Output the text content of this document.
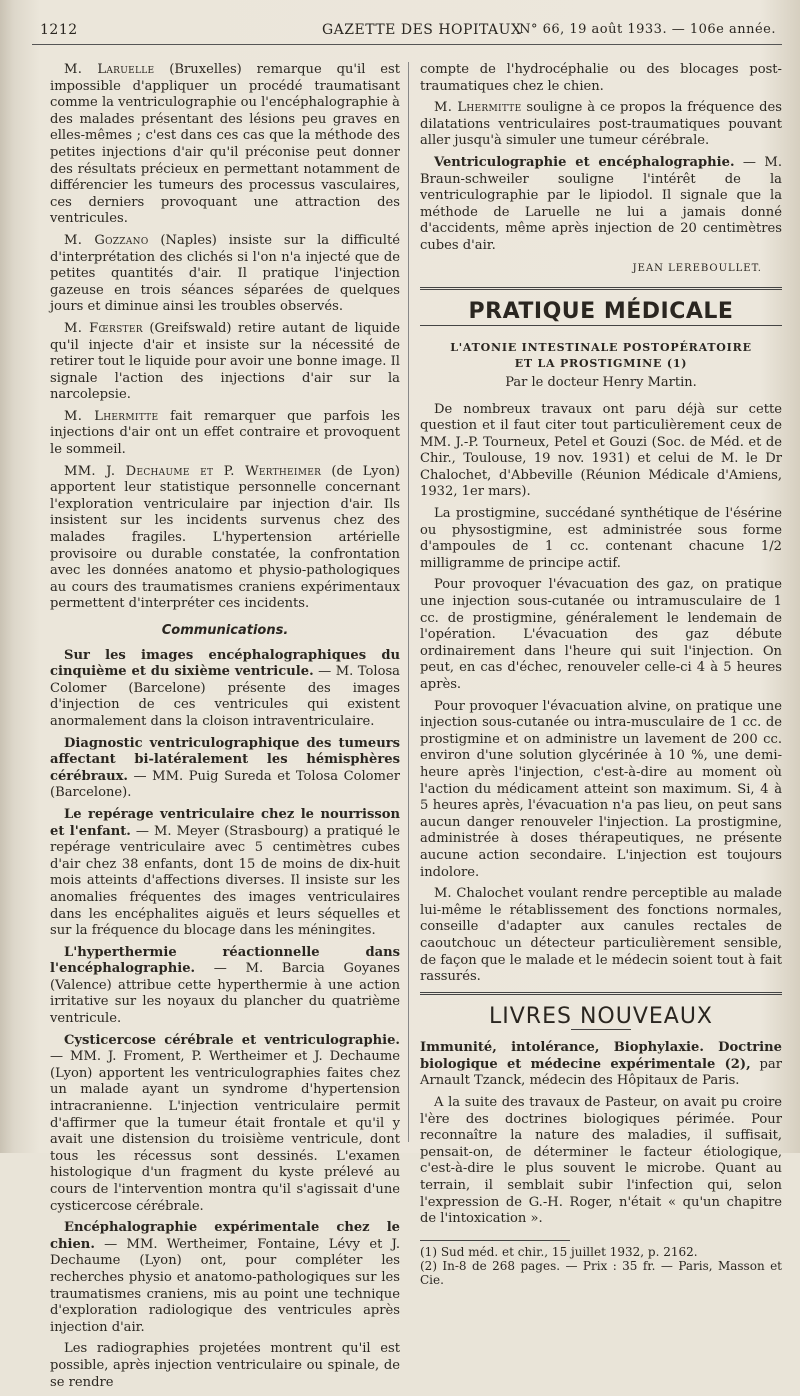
1212	GAZETTE DES HOPITAUX
N° 66, 19 août 1933. — 106e année.

M. Laruelle (Bruxelles) remarque qu'il est impossible d'appliquer un procédé traumatisant comme la ventriculographie ou l'encéphalographie à des malades présentant des lésions peu graves en elles-mêmes ; c'est dans ces cas que la méthode des petites injections d'air qu'il préconise peut donner des résultats précieux en permettant notamment de différencier les tumeurs des processus vasculaires, ces derniers provoquant une attraction des ventricules.

M. Gozzano (Naples) insiste sur la difficulté d'interprétation des clichés si l'on n'a injecté que de petites quantités d'air. Il pratique l'injection gazeuse en trois séances séparées de quelques jours et diminue ainsi les troubles observés.

M. Fœrster (Greifswald) retire autant de liquide qu'il injecte d'air et insiste sur la nécessité de retirer tout le liquide pour avoir une bonne image. Il signale l'action des injections d'air sur la narcolepsie.

M. Lhermitte fait remarquer que parfois les injections d'air ont un effet contraire et provoquent le sommeil.

MM. J. Dechaume et P. Wertheimer (de Lyon) apportent leur statistique personnelle concernant l'exploration ventriculaire par injection d'air. Ils insistent sur les incidents survenus chez des malades fragiles. L'hypertension artérielle provisoire ou durable constatée, la confrontation avec les données anatomo et physio-pathologiques au cours des traumatismes craniens expérimentaux permettent d'interpréter ces incidents.

Communications.

Sur les images encéphalographiques du cinquième et du sixième ventricule. — M. Tolosa Colomer (Barcelone) présente des images d'injection de ces ventricules qui existent anormalement dans la cloison intraventriculaire.

Diagnostic ventriculographique des tumeurs affectant bi-latéralement les hémisphères cérébraux. — MM. Puig Sureda et Tolosa Colomer (Barcelone).

Le repérage ventriculaire chez le nourrisson et l'enfant. — M. Meyer (Strasbourg) a pratiqué le repérage ventriculaire avec 5 centimètres cubes d'air chez 38 enfants, dont 15 de moins de dix-huit mois atteints d'affections diverses. Il insiste sur les anomalies fréquentes des images ventriculaires dans les encéphalites aiguës et leurs séquelles et sur la fréquence du blocage dans les méningites.

L'hyperthermie réactionnelle dans l'encéphalographie. — M. Barcia Goyanes (Valence) attribue cette hyperthermie à une action irritative sur les noyaux du plancher du quatrième ventricule.

Cysticercose cérébrale et ventriculographie. — MM. J. Froment, P. Wertheimer et J. Dechaume (Lyon) apportent les ventriculographies faites chez un malade ayant un syndrome d'hypertension intracranienne. L'injection ventriculaire permit d'affirmer que la tumeur était frontale et qu'il y avait une distension du troisième ventricule, dont tous les récessus sont dessinés. L'examen histologique d'un fragment du kyste prélevé au cours de l'intervention montra qu'il s'agissait d'une cysticercose cérébrale.

Encéphalographie expérimentale chez le chien. — MM. Wertheimer, Fontaine, Lévy et J. Dechaume (Lyon) ont, pour compléter les recherches physio et anatomo-pathologiques sur les traumatismes craniens, mis au point une technique d'exploration radiologique des ventricules après injection d'air.

Les radiographies projetées montrent qu'il est possible, après injection ventriculaire ou spinale, de se rendre

compte de l'hydrocéphalie ou des blocages post-traumatiques chez le chien.

M. Lhermitte souligne à ce propos la fréquence des dilatations ventriculaires post-traumatiques pouvant aller jusqu'à simuler une tumeur cérébrale.

Ventriculographie et encéphalographie. — M. Braun-schweiler souligne l'intérêt de la ventriculographie par le lipiodol. Il signale que la méthode de Laruelle ne lui a jamais donné d'accidents, même après injection de 20 centimètres cubes d'air.

JEAN LEREBOULLET.
PRATIQUE MÉDICALE
L'ATONIE INTESTINALE POSTOPÉRATOIRE
ET LA PROSTIGMINE (1)
Par le docteur Henry Martin.

De nombreux travaux ont paru déjà sur cette question et il faut citer tout particulièrement ceux de MM. J.-P. Tourneux, Petel et Gouzi (Soc. de Méd. et de Chir., Toulouse, 19 nov. 1931) et celui de M. le Dr Chalochet, d'Abbeville (Réunion Médicale d'Amiens, 1932, 1er mars).

La prostigmine, succédané synthétique de l'ésérine ou physostigmine, est administrée sous forme d'ampoules de 1 cc. contenant chacune 1/2 milligramme de principe actif.

Pour provoquer l'évacuation des gaz, on pratique une injection sous-cutanée ou intramusculaire de 1 cc. de prostigmine, généralement le lendemain de l'opération. L'évacuation des gaz débute ordinairement dans l'heure qui suit l'injection. On peut, en cas d'échec, renouveler celle-ci 4 à 5 heures après.

Pour provoquer l'évacuation alvine, on pratique une injection sous-cutanée ou intra-musculaire de 1 cc. de prostigmine et on administre un lavement de 200 cc. environ d'une solution glycérinée à 10 %, une demi-heure après l'injection, c'est-à-dire au moment où l'action du médicament atteint son maximum. Si, 4 à 5 heures après, l'évacuation n'a pas lieu, on peut sans aucun danger renouveler l'injection. La prostigmine, administrée à doses thérapeutiques, ne présente aucune action secondaire. L'injection est toujours indolore.

M. Chalochet voulant rendre perceptible au malade lui-même le rétablissement des fonctions normales, conseille d'adapter aux canules rectales de caoutchouc un détecteur particulièrement sensible, de façon que le malade et le médecin soient tout à fait rassurés.

LIVRES NOUVEAUX

Immunité, intolérance, Biophylaxie. Doctrine biologique et médecine expérimentale (2), par Arnault Tzanck, médecin des Hôpitaux de Paris.

A la suite des travaux de Pasteur, on avait pu croire l'ère des doctrines biologiques périmée. Pour reconnaître la nature des maladies, il suffisait, pensait-on, de déterminer le facteur étiologique, c'est-à-dire le plus souvent le microbe. Quant au terrain, il semblait subir l'infection qui, selon l'expression de G.-H. Roger, n'était « qu'un chapitre de l'intoxication ».

(1) Sud méd. et chir., 15 juillet 1932, p. 2162.

(2) In-8 de 268 pages. — Prix : 35 fr. — Paris, Masson et Cie.
